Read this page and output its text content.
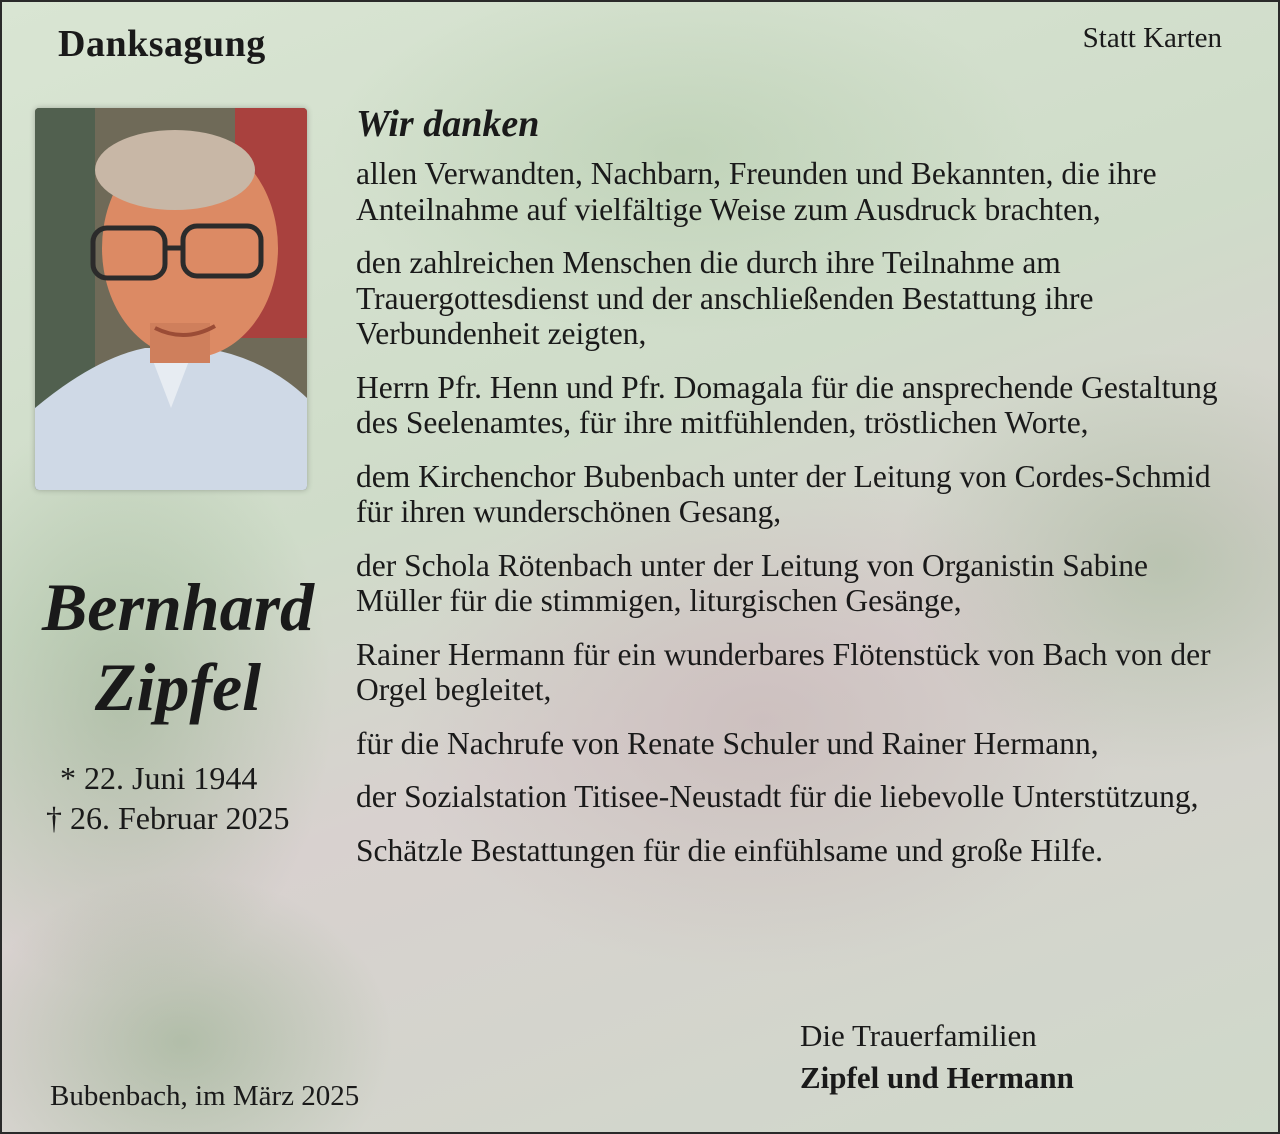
Danksagung	Statt Karten
Bernhard
Zipfel
* 22. Juni 1944
† 26. Februar 2025
Wir danken
allen Verwandten, Nachbarn, Freunden und Bekannten, die ihre Anteilnahme auf vielfältige Weise zum Ausdruck brachten,
den zahlreichen Menschen die durch ihre Teilnahme am Trauergottesdienst und der anschließenden Bestattung ihre Verbundenheit zeigten,
Herrn Pfr. Henn und Pfr. Domagala für die ansprechende Gestaltung des Seelenamtes, für ihre mitfühlenden, tröstlichen Worte,
dem Kirchenchor Bubenbach unter der Leitung von Cordes-Schmid für ihren wunderschönen Gesang,
der Schola Rötenbach unter der Leitung von Organistin Sabine Müller für die stimmigen, liturgischen Gesänge,
Rainer Hermann für ein wunderbares Flötenstück von Bach von der Orgel begleitet,
für die Nachrufe von Renate Schuler und Rainer Hermann,
der Sozialstation Titisee-Neustadt für die liebevolle Unterstützung,
Schätzle Bestattungen für die einfühlsame und große Hilfe.
Bubenbach, im März 2025
Die Trauerfamilien
Zipfel und Hermann
